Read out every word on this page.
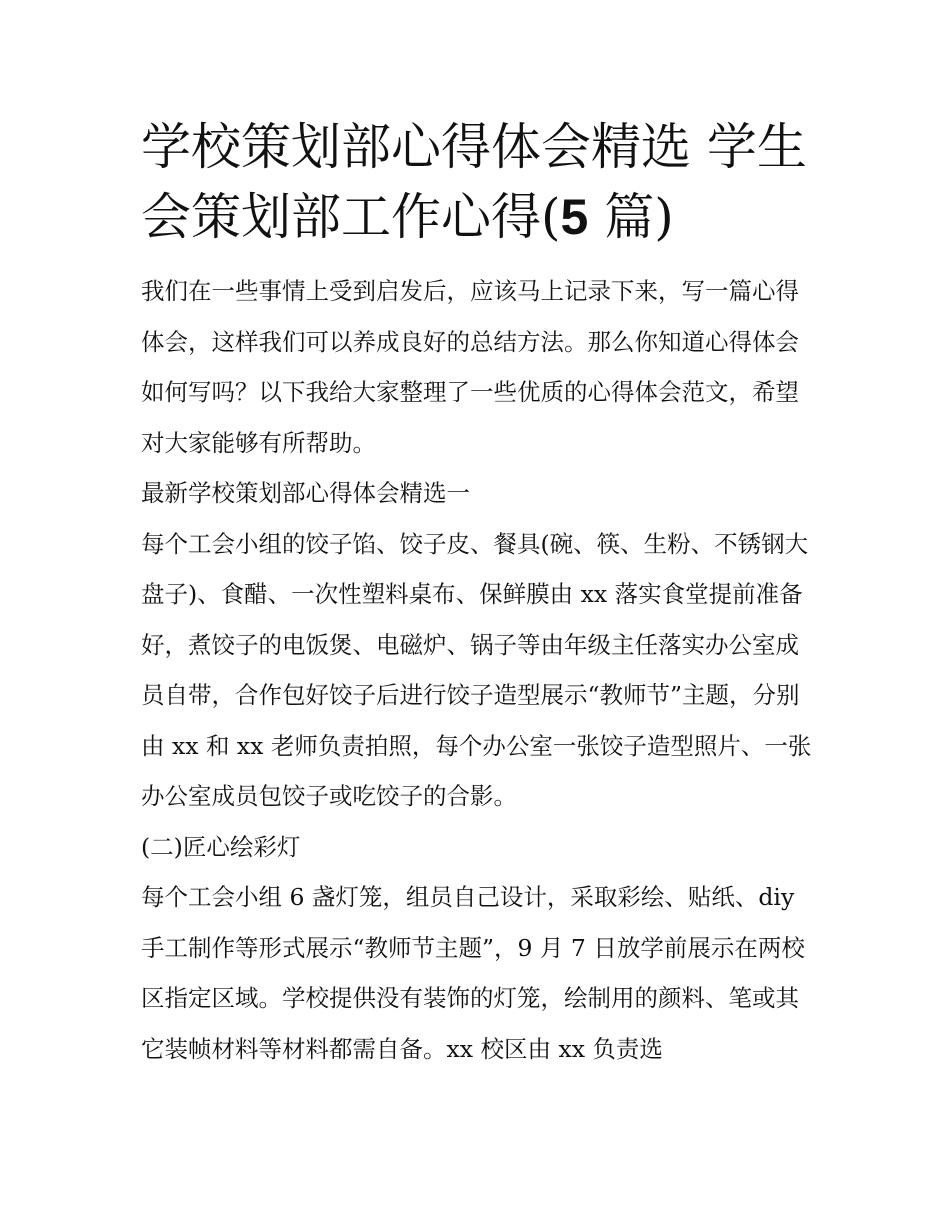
学校策划部心得体会精选 学生会策划部工作心得(5 篇)

我们在一些事情上受到启发后，应该马上记录下来，写一篇心得体会，这样我们可以养成良好的总结方法。那么你知道心得体会如何写吗？以下我给大家整理了一些优质的心得体会范文，希望对大家能够有所帮助。

最新学校策划部心得体会精选一

每个工会小组的饺子馅、饺子皮、餐具(碗、筷、生粉、不锈钢大盘子)、食醋、一次性塑料桌布、保鲜膜由 xx 落实食堂提前准备好，煮饺子的电饭煲、电磁炉、锅子等由年级主任落实办公室成员自带，合作包好饺子后进行饺子造型展示“教师节”主题，分别由 xx 和 xx 老师负责拍照，每个办公室一张饺子造型照片、一张办公室成员包饺子或吃饺子的合影。

(二)匠心绘彩灯

每个工会小组 6 盏灯笼，组员自己设计，采取彩绘、贴纸、diy 手工制作等形式展示“教师节主题”，9 月 7 日放学前展示在两校区指定区域。学校提供没有装饰的灯笼，绘制用的颜料、笔或其它装帧材料等材料都需自备。xx 校区由 xx 负责选
